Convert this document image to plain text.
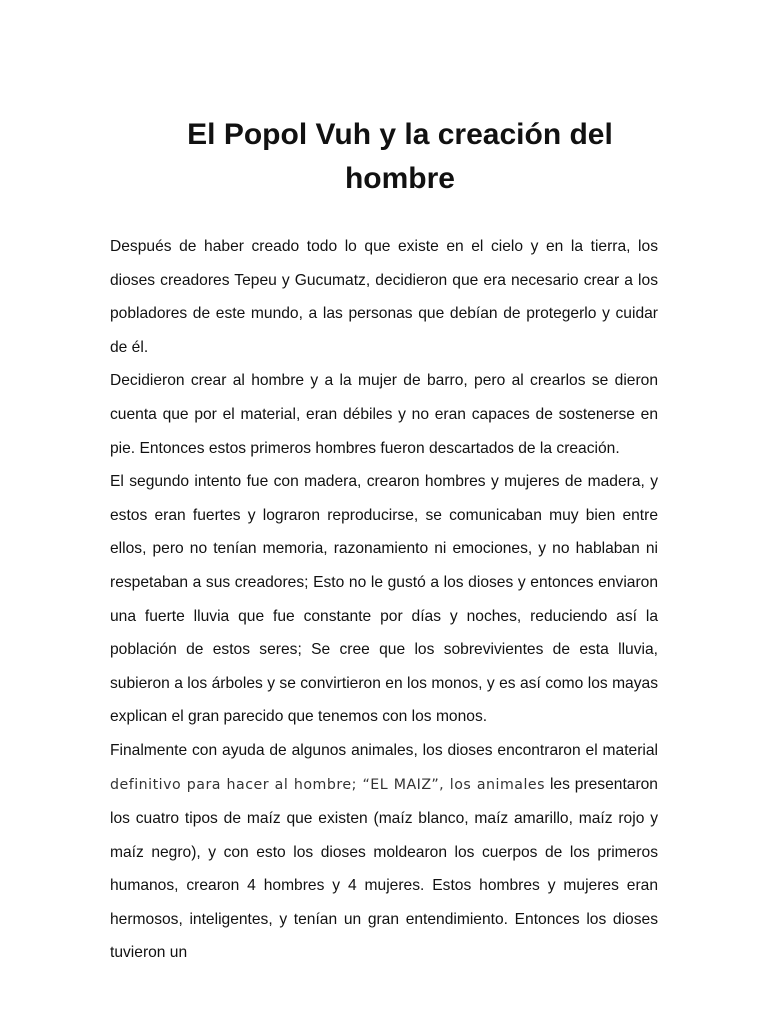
El Popol Vuh y la creación del hombre

Después de haber creado todo lo que existe en el cielo y en la tierra, los dioses creadores Tepeu y Gucumatz, decidieron que era necesario crear a los pobladores de este mundo, a las personas que debían de protegerlo y cuidar de él.

Decidieron crear al hombre y a la mujer de barro, pero al crearlos se dieron cuenta que por el material, eran débiles y no eran capaces de sostenerse en pie. Entonces estos primeros hombres fueron descartados de la creación.

El segundo intento fue con madera, crearon hombres y mujeres de madera, y estos eran fuertes y lograron reproducirse, se comunicaban muy bien entre ellos, pero no tenían memoria, razonamiento ni emociones, y no hablaban ni respetaban a sus creadores; Esto no le gustó a los dioses y entonces enviaron una fuerte lluvia que fue constante por días y noches, reduciendo así la población de estos seres; Se cree que los sobrevivientes de esta lluvia, subieron a los árboles y se convirtieron en los monos, y es así como los mayas explican el gran parecido que tenemos con los monos.

Finalmente con ayuda de algunos animales, los dioses encontraron el material definitivo para hacer al hombre; “EL MAIZ”, los animales les presentaron los cuatro tipos de maíz que existen (maíz blanco, maíz amarillo, maíz rojo y maíz negro), y con esto los dioses moldearon los cuerpos de los primeros humanos, crearon 4 hombres y 4 mujeres. Estos hombres y mujeres eran hermosos, inteligentes, y tenían un gran entendimiento. Entonces los dioses tuvieron un
